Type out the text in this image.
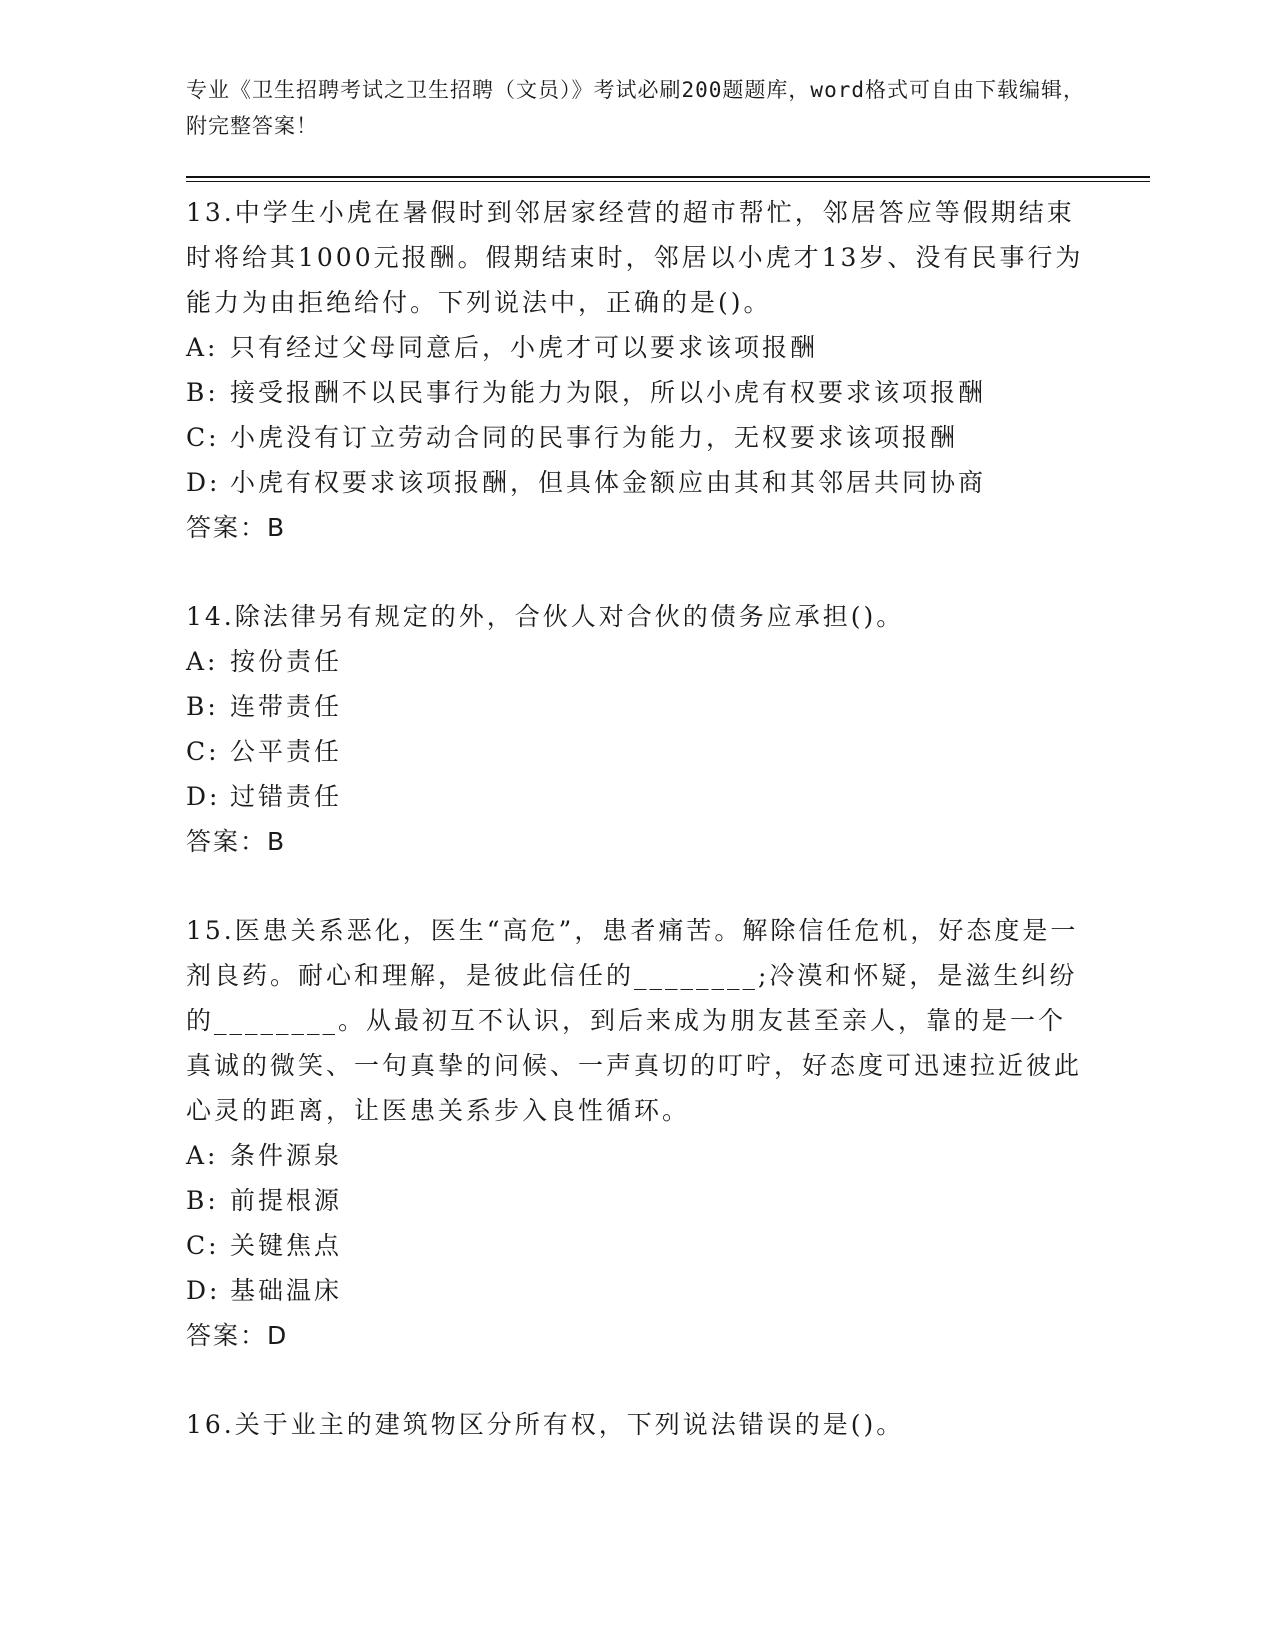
专业《卫生招聘考试之卫生招聘（文员）》考试必刷200题题库，word格式可自由下载编辑，附完整答案！

13.中学生小虎在暑假时到邻居家经营的超市帮忙，邻居答应等假期结束时将给其1000元报酬。假期结束时，邻居以小虎才13岁、没有民事行为能力为由拒绝给付。下列说法中，正确的是()。

A: 只有经过父母同意后，小虎才可以要求该项报酬

B: 接受报酬不以民事行为能力为限，所以小虎有权要求该项报酬

C: 小虎没有订立劳动合同的民事行为能力，无权要求该项报酬

D: 小虎有权要求该项报酬，但具体金额应由其和其邻居共同协商

答案：B

14.除法律另有规定的外，合伙人对合伙的债务应承担()。

A: 按份责任

B: 连带责任

C: 公平责任

D: 过错责任

答案：B

15.医患关系恶化，医生“高危”，患者痛苦。解除信任危机，好态度是一剂良药。耐心和理解，是彼此信任的________;冷漠和怀疑，是滋生纠纷的________。从最初互不认识，到后来成为朋友甚至亲人，靠的是一个真诚的微笑、一句真挚的问候、一声真切的叮咛，好态度可迅速拉近彼此心灵的距离，让医患关系步入良性循环。

A: 条件源泉

B: 前提根源

C: 关键焦点

D: 基础温床

答案：D

16.关于业主的建筑物区分所有权，下列说法错误的是()。
